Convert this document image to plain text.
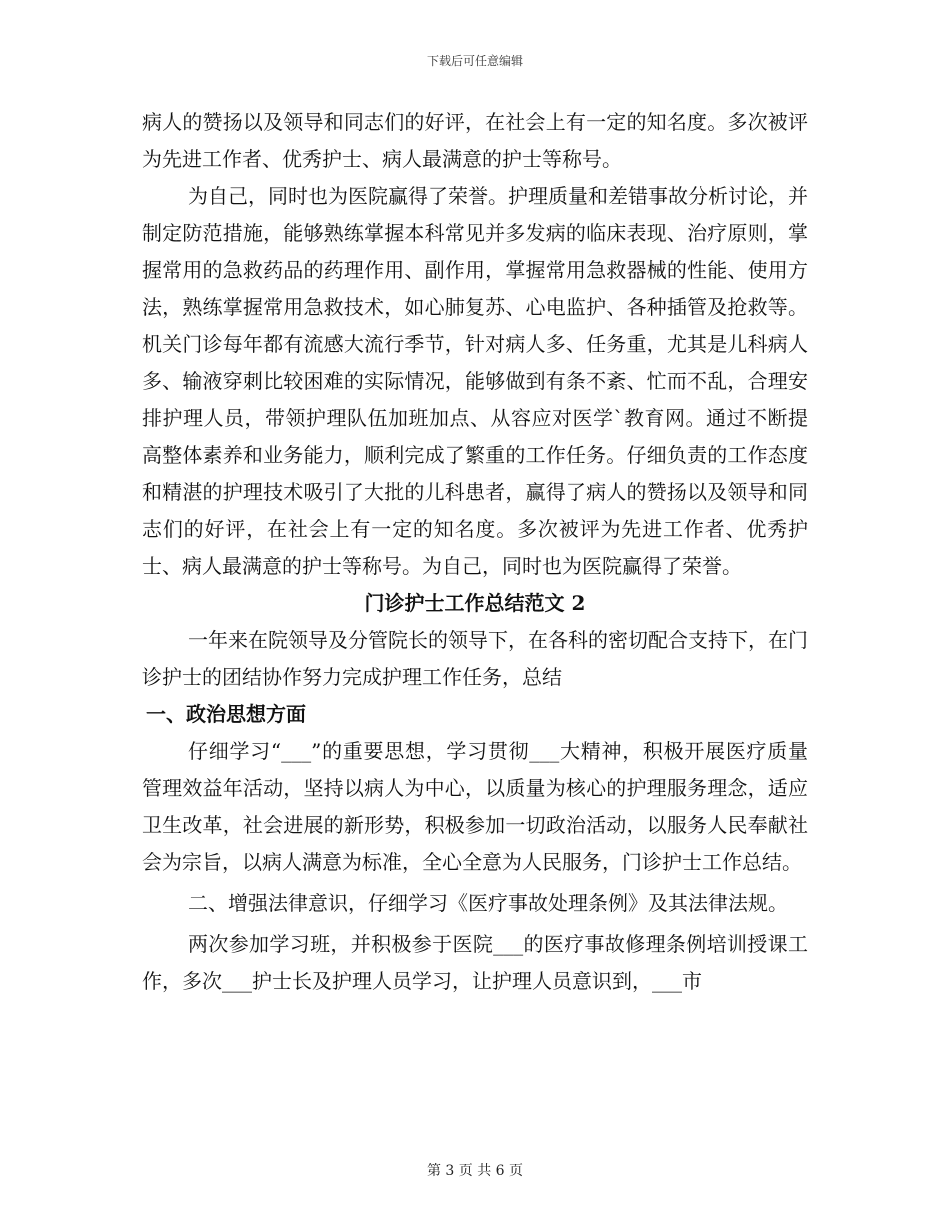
下载后可任意编辑

病人的赞扬以及领导和同志们的好评，在社会上有一定的知名度。多次被评为先进工作者、优秀护士、病人最满意的护士等称号。

为自己，同时也为医院赢得了荣誉。护理质量和差错事故分析讨论，并制定防范措施，能够熟练掌握本科常见并多发病的临床表现、治疗原则，掌握常用的急救药品的药理作用、副作用，掌握常用急救器械的性能、使用方法，熟练掌握常用急救技术，如心肺复苏、心电监护、各种插管及抢救等。机关门诊每年都有流感大流行季节，针对病人多、任务重，尤其是儿科病人多、输液穿刺比较困难的实际情况，能够做到有条不紊、忙而不乱，合理安排护理人员，带领护理队伍加班加点、从容应对医学`教育网。通过不断提高整体素养和业务能力，顺利完成了繁重的工作任务。仔细负责的工作态度和精湛的护理技术吸引了大批的儿科患者，赢得了病人的赞扬以及领导和同志们的好评，在社会上有一定的知名度。多次被评为先进工作者、优秀护士、病人最满意的护士等称号。为自己，同时也为医院赢得了荣誉。

门诊护士工作总结范文 2

一年来在院领导及分管院长的领导下，在各科的密切配合支持下，在门诊护士的团结协作努力完成护理工作任务，总结

一、政治思想方面

仔细学习“___”的重要思想，学习贯彻___大精神，积极开展医疗质量管理效益年活动，坚持以病人为中心，以质量为核心的护理服务理念，适应卫生改革，社会进展的新形势，积极参加一切政治活动，以服务人民奉献社会为宗旨，以病人满意为标准，全心全意为人民服务，门诊护士工作总结。

二、增强法律意识，仔细学习《医疗事故处理条例》及其法律法规。

两次参加学习班，并积极参于医院___的医疗事故修理条例培训授课工作，多次___护士长及护理人员学习，让护理人员意识到，___市

第 3 页 共 6 页
